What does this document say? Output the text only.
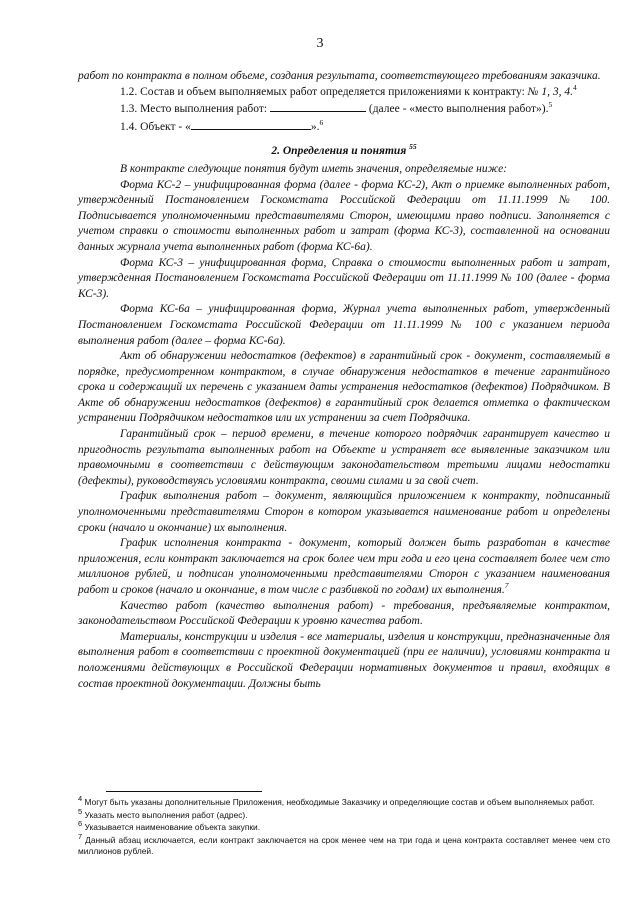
3

работ по контракта в полном объеме, создания результата, соответствующего требованиям заказчика.

1.2. Состав и объем выполняемых работ определяется приложениями к контракту: № 1, 3, 4.$^4$

1.3. Место выполнения работ:	(далее - «место выполнения работ»).$^5$

1.4. Объект - «	».$^6$

2. Определения и понятия $^{55}$

В контракте следующие понятия будут иметь значения, определяемые ниже:

Форма КС-2 – унифицированная форма (далее - форма КС-2), Акт о приемке выполненных работ, утвержденный Постановлением Госкомстата Российской Федерации от 11.11.1999 № 100. Подписывается уполномоченными представителями Сторон, имеющими право подписи. Заполняется с учетом справки о стоимости выполненных работ и затрат (форма КС-3), составленной на основании данных журнала учета выполненных работ (форма КС-6а).

Форма КС-3 – унифицированная форма, Справка о стоимости выполненных работ и затрат, утвержденная Постановлением Госкомстата Российской Федерации от 11.11.1999 № 100 (далее - форма КС-3).

Форма КС-6а – унифицированная форма, Журнал учета выполненных работ, утвержденный Постановлением Госкомстата Российской Федерации от 11.11.1999 № 100 с указанием периода выполнения работ (далее – форма КС-6а).

Акт об обнаружении недостатков (дефектов) в гарантийный срок - документ, составляемый в порядке, предусмотренном контрактом, в случае обнаружения недостатков в течение гарантийного срока и содержащий их перечень с указанием даты устранения недостатков (дефектов) Подрядчиком. В Акте об обнаружении недостатков (дефектов) в гарантийный срок делается отметка о фактическом устранении Подрядчиком недостатков или их устранении за счет Подрядчика.

Гарантийный срок – период времени, в течение которого подрядчик гарантирует качество и пригодность результата выполненных работ на Объекте и устраняет все выявленные заказчиком или правомочными в соответствии с действующим законодательством третьими лицами недостатки (дефекты), руководствуясь условиями контракта, своими силами и за свой счет.

График выполнения работ – документ, являющийся приложением к контракту, подписанный уполномоченными представителями Сторон в котором указывается наименование работ и определены сроки (начало и окончание) их выполнения.

График исполнения контракта - документ, который должен быть разработан в качестве приложения, если контракт заключается на срок более чем три года и его цена составляет более чем сто миллионов рублей, и подписан уполномоченными представителями Сторон с указанием наименования работ и сроков (начало и окончание, в том числе с разбивкой по годам) их выполнения.$^7$

Качество работ (качество выполнения работ) - требования, предъявляемые контрактом, законодательством Российской Федерации к уровню качества работ.

Материалы, конструкции и изделия - все материалы, изделия и конструкции, предназначенные для выполнения работ в соответствии с проектной документацией (при ее наличии), условиями контракта и положениями действующих в Российской Федерации нормативных документов и правил, входящих в состав проектной документации. Должны быть

$^4$ Могут быть указаны дополнительные Приложения, необходимые Заказчику и определяющие состав и объем выполняемых работ.

$^5$ Указать место выполнения работ (адрес).

$^6$ Указывается наименование объекта закупки.

$^7$ Данный абзац исключается, если контракт заключается на срок менее чем на три года и цена контракта составляет менее чем сто миллионов рублей.
